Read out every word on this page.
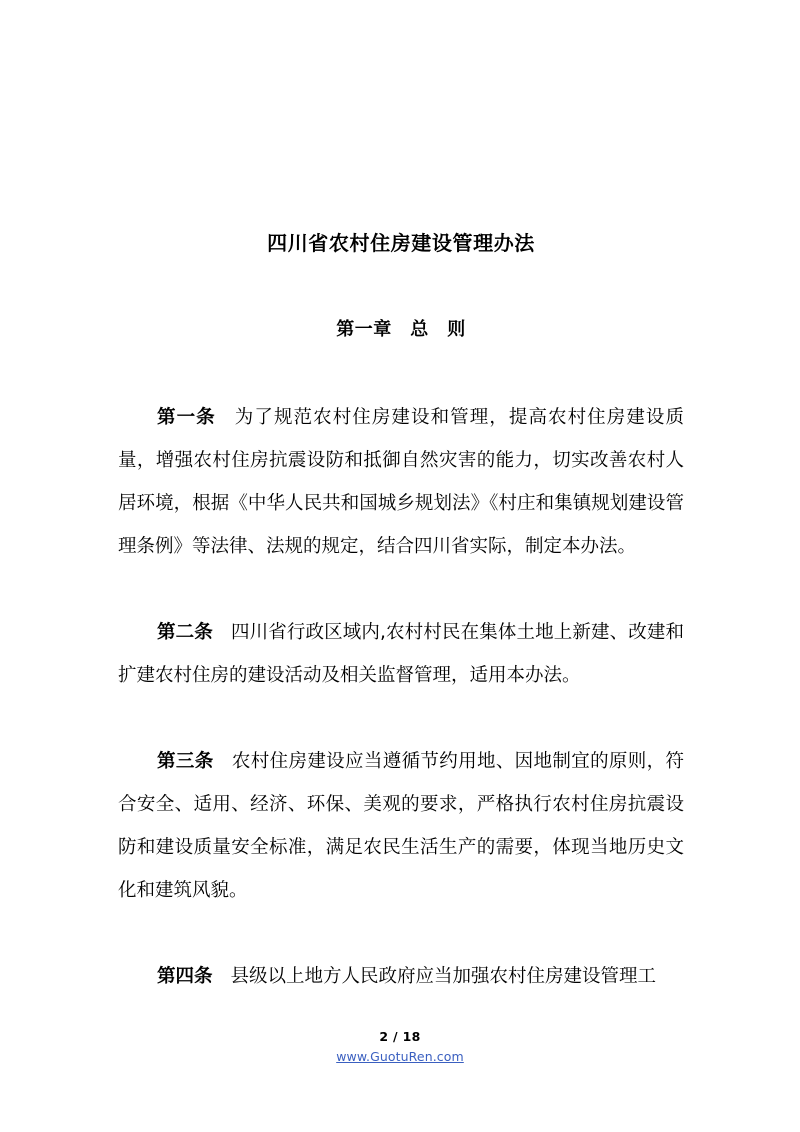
四川省农村住房建设管理办法
第一章　总　则

第一条 为了规范农村住房建设和管理，提高农村住房建设质量，增强农村住房抗震设防和抵御自然灾害的能力，切实改善农村人居环境，根据《中华人民共和国城乡规划法》《村庄和集镇规划建设管理条例》等法律、法规的规定，结合四川省实际，制定本办法。

第二条 四川省行政区域内,农村村民在集体土地上新建、改建和扩建农村住房的建设活动及相关监督管理，适用本办法。

第三条 农村住房建设应当遵循节约用地、因地制宜的原则，符合安全、适用、经济、环保、美观的要求，严格执行农村住房抗震设防和建设质量安全标准，满足农民生活生产的需要，体现当地历史文化和建筑风貌。

第四条 县级以上地方人民政府应当加强农村住房建设管理工

2 / 18
www.GuotuRen.com
